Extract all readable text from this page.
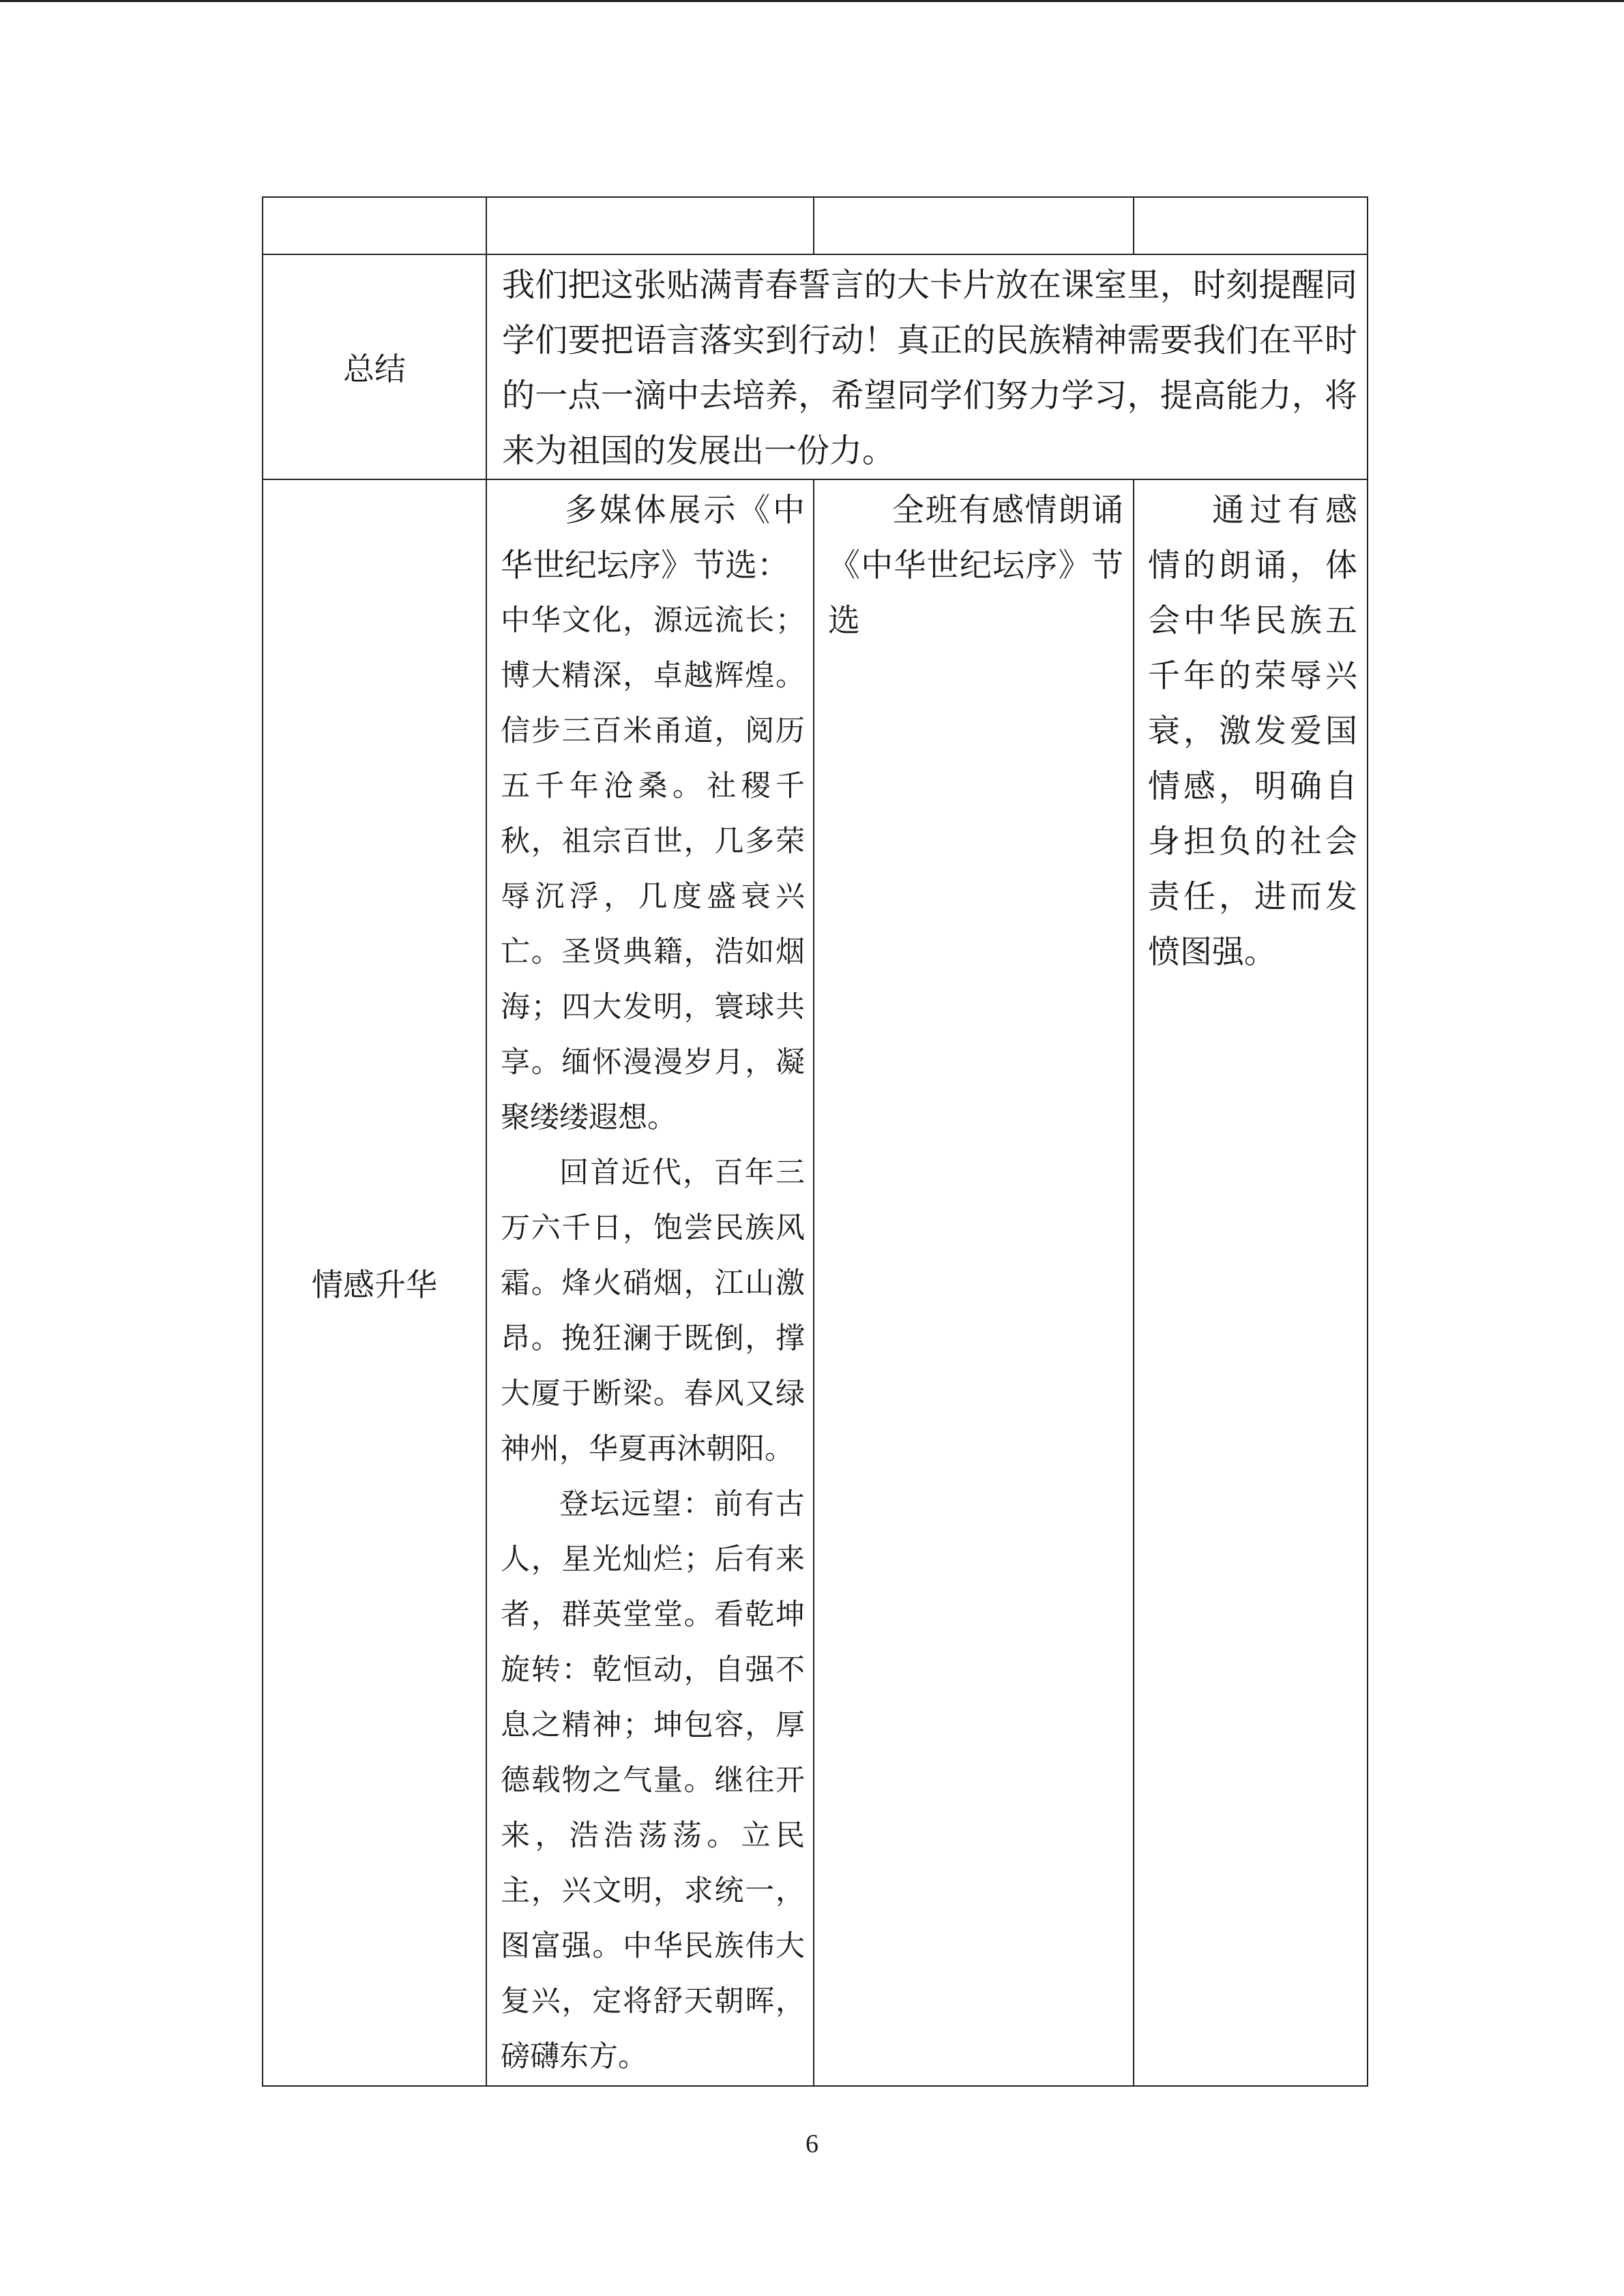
总结	我们把这张贴满青春誓言的大卡片放在课室里，时刻提醒同学们要把语言落实到行动！真正的民族精神需要我们在平时的一点一滴中去培养，希望同学们努力学习，提高能力，将来为祖国的发展出一份力。		
情感升华	多媒体展示《中华世纪坛序》节选：

中华文化，源远流长；博大精深，卓越辉煌。信步三百米甬道，阅历五千年沧桑。社稷千秋，祖宗百世，几多荣辱沉浮，几度盛衰兴亡。圣贤典籍，浩如烟海；四大发明，寰球共享。缅怀漫漫岁月，凝聚缕缕遐想。

回首近代，百年三万六千日，饱尝民族风霜。烽火硝烟，江山激昂。挽狂澜于既倒，撑大厦于断梁。春风又绿神州，华夏再沐朝阳。

登坛远望：前有古人，星光灿烂；后有来者，群英堂堂。看乾坤旋转：乾恒动，自强不息之精神；坤包容，厚德载物之气量。继往开来，浩浩荡荡。立民主，兴文明，求统一，图富强。中华民族伟大复兴，定将舒天朝晖，磅礴东方。	全班有感情朗诵《中华世纪坛序》节选	通过有感情的朗诵，体会中华民族五千年的荣辱兴衰，激发爱国情感，明确自身担负的社会责任，进而发愤图强。

6
